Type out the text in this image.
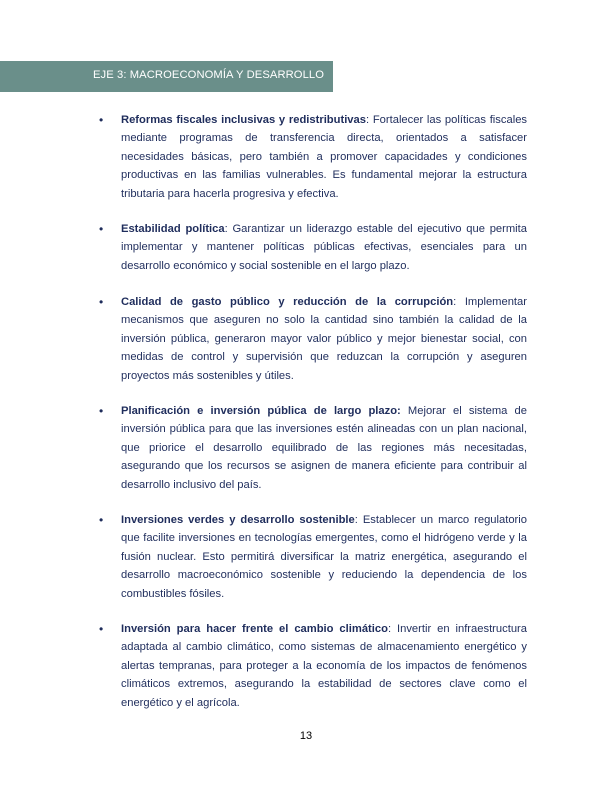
EJE 3: MACROECONOMÍA Y DESARROLLO
• Reformas fiscales inclusivas y redistributivas: Fortalecer las políticas fiscales mediante programas de transferencia directa, orientados a satisfacer necesidades básicas, pero también a promover capacidades y condiciones productivas en las familias vulnerables. Es fundamental mejorar la estructura tributaria para hacerla progresiva y efectiva.
• Estabilidad política: Garantizar un liderazgo estable del ejecutivo que permita implementar y mantener políticas públicas efectivas, esenciales para un desarrollo económico y social sostenible en el largo plazo.
• Calidad de gasto público y reducción de la corrupción: Implementar mecanismos que aseguren no solo la cantidad sino también la calidad de la inversión pública, generaron mayor valor público y mejor bienestar social, con medidas de control y supervisión que reduzcan la corrupción y aseguren proyectos más sostenibles y útiles.
• Planificación e inversión pública de largo plazo: Mejorar el sistema de inversión pública para que las inversiones estén alineadas con un plan nacional, que priorice el desarrollo equilibrado de las regiones más necesitadas, asegurando que los recursos se asignen de manera eficiente para contribuir al desarrollo inclusivo del país.
• Inversiones verdes y desarrollo sostenible: Establecer un marco regulatorio que facilite inversiones en tecnologías emergentes, como el hidrógeno verde y la fusión nuclear. Esto permitirá diversificar la matriz energética, asegurando el desarrollo macroeconómico sostenible y reduciendo la dependencia de los combustibles fósiles.
• Inversión para hacer frente el cambio climático: Invertir en infraestructura adaptada al cambio climático, como sistemas de almacenamiento energético y alertas tempranas, para proteger a la economía de los impactos de fenómenos climáticos extremos, asegurando la estabilidad de sectores clave como el energético y el agrícola.
13
